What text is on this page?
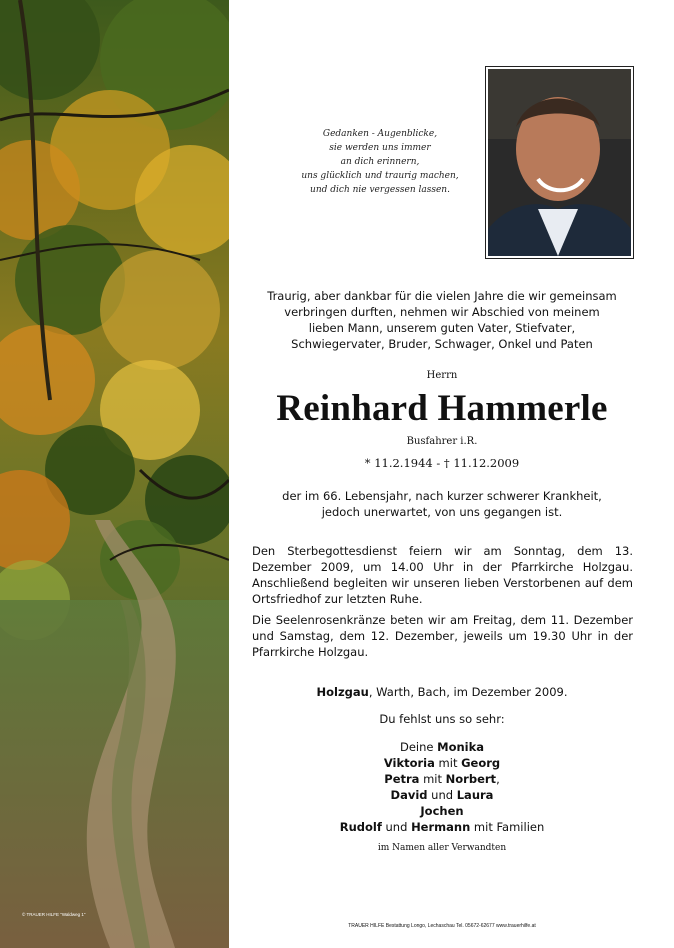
© TRAUER HILFE "Waldweg 1"
Gedanken - Augenblicke,
sie werden uns immer
an dich erinnern,
uns glücklich und traurig machen,
und dich nie vergessen lassen.
Traurig, aber dankbar für die vielen Jahre die wir gemeinsam
verbringen durften, nehmen wir Abschied von meinem
lieben Mann, unserem guten Vater, Stiefvater,
Schwiegervater, Bruder, Schwager, Onkel und Paten
Herrn
Reinhard Hammerle
Busfahrer i.R.
* 11.2.1944 - † 11.12.2009
der im 66. Lebensjahr, nach kurzer schwerer Krankheit,
jedoch unerwartet, von uns gegangen ist.
Den Sterbegottesdienst feiern wir am Sonntag, dem 13. Dezember 2009, um 14.00 Uhr in der Pfarrkirche Holzgau. Anschließend begleiten wir unseren lieben Verstorbenen auf dem Ortsfriedhof zur letzten Ruhe.
Die Seelenrosenkränze beten wir am Freitag, dem 11. Dezember und Samstag, dem 12. Dezember, jeweils um 19.30 Uhr in der Pfarrkirche Holzgau.
Holzgau, Warth, Bach, im Dezember 2009.
Du fehlst uns so sehr:
Deine Monika
Viktoria mit Georg
Petra mit Norbert,
David und Laura
Jochen
Rudolf und Hermann mit Familien
im Namen aller Verwandten
TRAUER HILFE Bestattung Longo, Lechaschau Tel. 05672-62677 www.trauerhilfe.at
